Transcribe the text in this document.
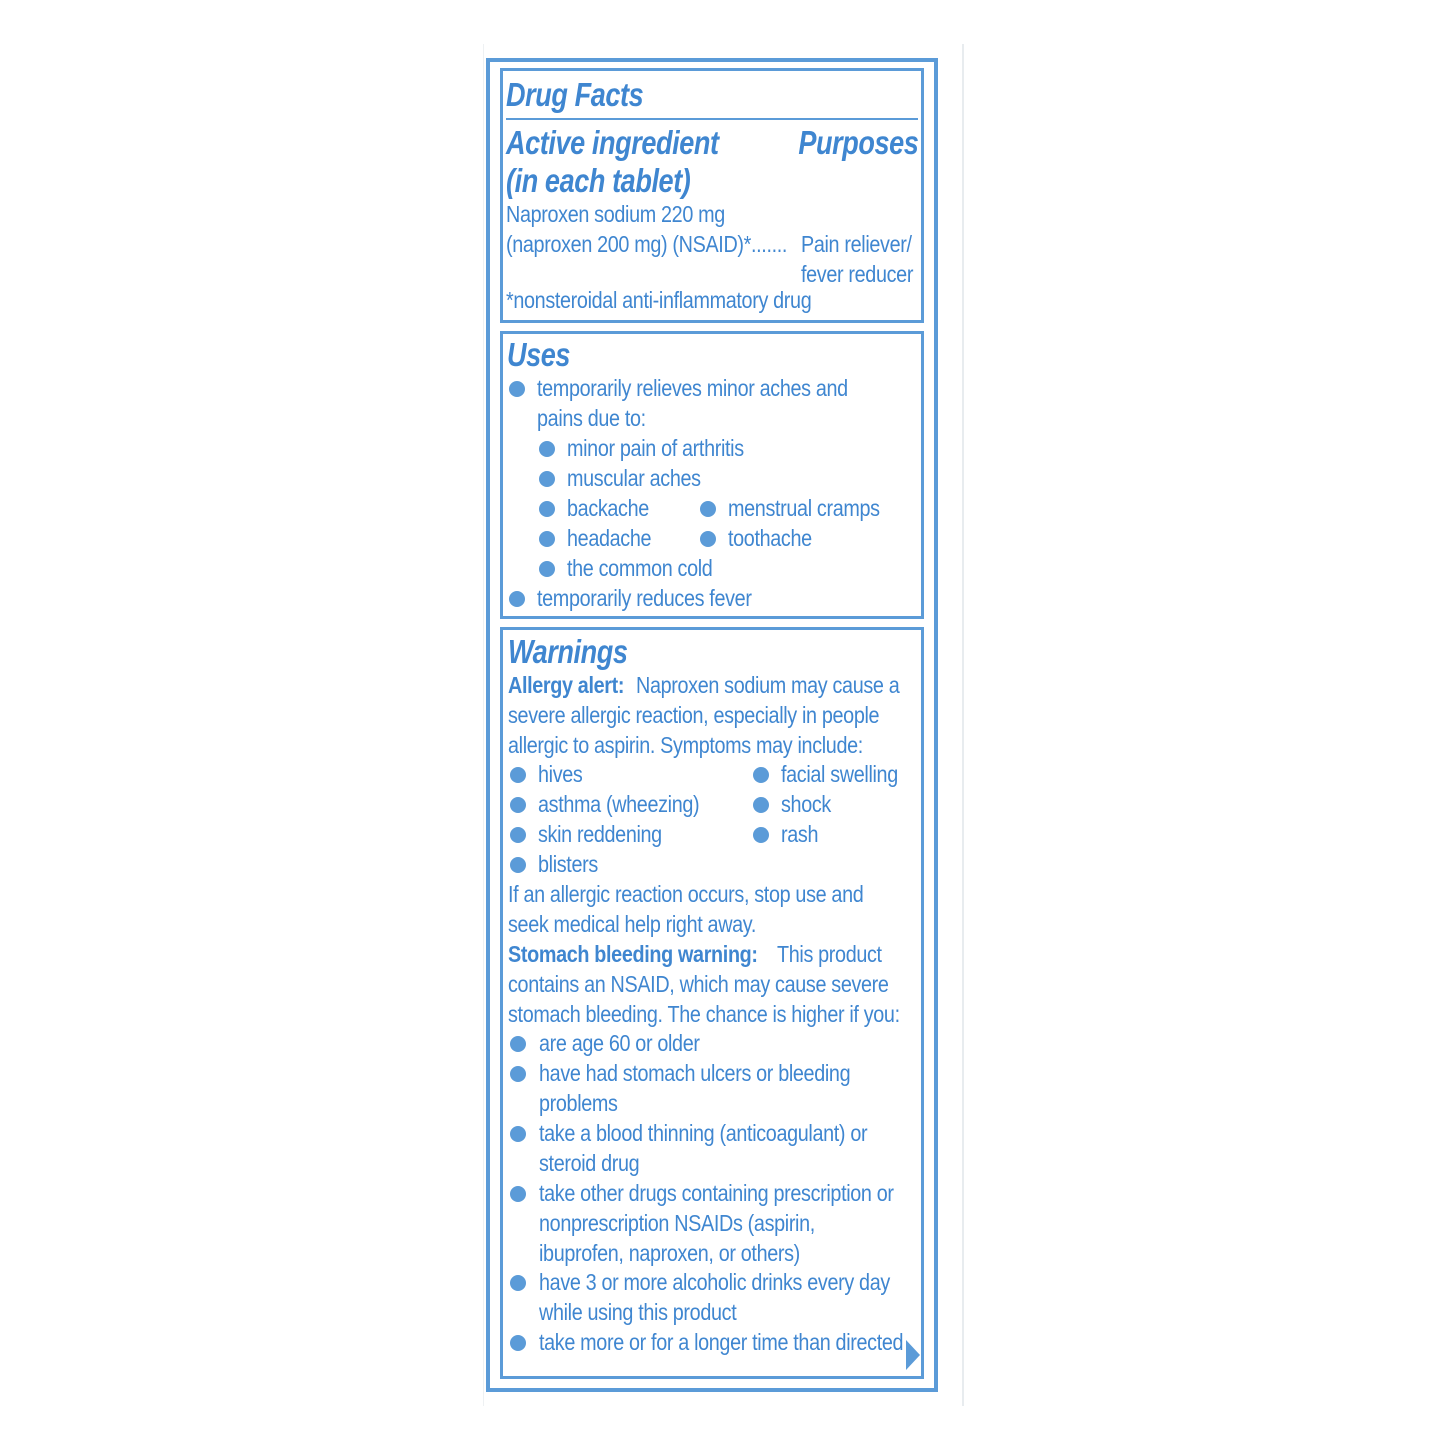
Drug Facts
Active ingredient
(in each tablet)
Purposes
Naproxen sodium 220 mg
(naproxen 200 mg) (NSAID)*....... Pain reliever/
fever reducer
*nonsteroidal anti-inflammatory drug
Uses
temporarily relieves minor aches and
pains due to:
minor pain of arthritis
muscular aches
backache	menstrual cramps
headache	toothache
the common cold
temporarily reduces fever
Warnings
Allergy alert: Naproxen sodium may cause a
severe allergic reaction, especially in people
allergic to aspirin. Symptoms may include:
hives	facial swelling
asthma (wheezing)	shock
skin reddening	rash
blisters
If an allergic reaction occurs, stop use and
seek medical help right away.
Stomach bleeding warning: This product
contains an NSAID, which may cause severe
stomach bleeding. The chance is higher if you:
are age 60 or older
have had stomach ulcers or bleeding
problems
take a blood thinning (anticoagulant) or
steroid drug
take other drugs containing prescription or
nonprescription NSAIDs (aspirin,
ibuprofen, naproxen, or others)
have 3 or more alcoholic drinks every day
while using this product
take more or for a longer time than directed
